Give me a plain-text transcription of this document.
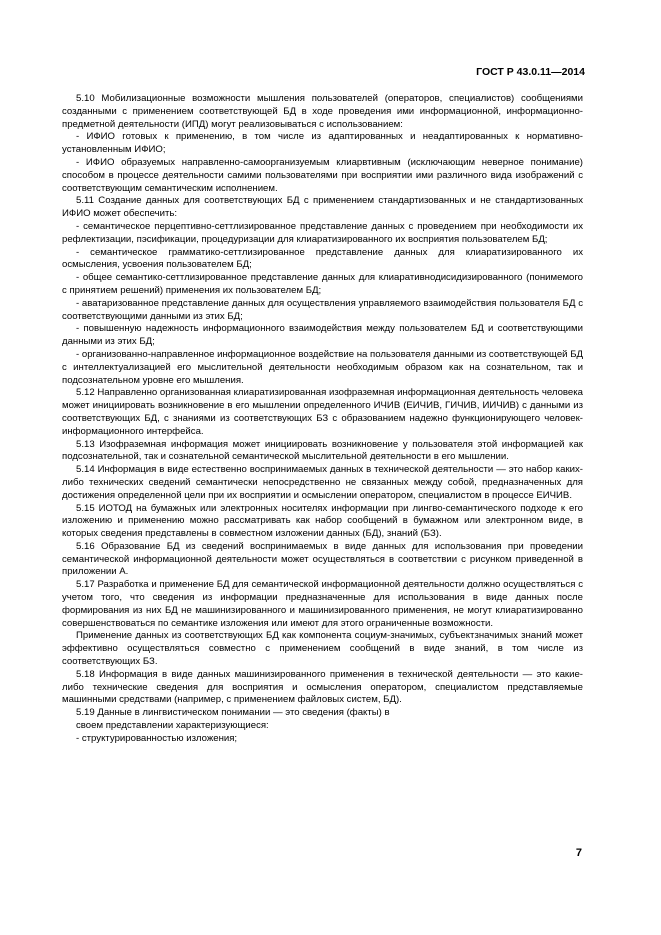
ГОСТ Р 43.0.11—2014

5.10 Мобилизационные возможности мышления пользователей (операторов, специалистов) сообщениями созданными с применением соответствующей БД в ходе проведения ими информационной, информационно-предметной деятельности (ИПД) могут реализовываться с использованием:

- ИФИО готовых к применению, в том числе из адаптированных и неадаптированных к нормативно-установленным ИФИО;

- ИФИО образуемых направленно-самоорганизуемым клиарвтивным (исключающим неверное понимание) способом в процессе деятельности самими пользователями при восприятии ими различного вида изображений с соответствующим семантическим исполнением.

5.11 Создание данных для соответствующих БД с применением стандартизованных и не стандартизованных ИФИО может обеспечить:

- семантическое перцептивно-сеттлизированное представление данных с проведением при необходимости их рефлектизации, пэсификации, процедуризации для клиаратизированного их восприятия пользователем БД;

- семантическое грамматико-сеттлизированное представление данных для клиаратизированного их осмысления, усвоения пользователем БД;

- общее семантико-сеттлизированное представление данных для клиаративнодисидизированного (понимемого с принятием решений) применения их пользователем БД;

- аватаризованное представление данных для осуществления управляемого взаимодействия пользователя БД с соответствующими данными из этих БД;

- повышенную надежность информационного взаимодействия между пользователем БД и соответствующими данными из этих БД;

- организованно-направленное информационное воздействие на пользователя данными из соответствующей БД с интеллектуализацией его мыслительной деятельности необходимым образом как на сознательном, так и подсознательном уровне его мышления.

5.12 Направленно организованная клиаратизированная изофраземная информационная деятельность человека может инициировать возникновение в его мышлении определенного ИЧИВ (ЕИЧИВ, ГИЧИВ, ИИЧИВ) с данными из соответствующих БД, с знаниями из соответствующих БЗ с образованием надежно функционирующего человек-информационного интерфейса.

5.13 Изофраземная информация может инициировать возникновение у пользователя этой информацией как подсознательной, так и сознательной семантической мыслительной деятельности в его мышлении.

5.14 Информация в виде естественно воспринимаемых данных в технической деятельности — это набор каких-либо технических сведений семантически непосредственно не связанных между собой, предназначенных для достижения определенной цели при их восприятии и осмыслении оператором, специалистом в процессе ЕИЧИВ.

5.15 ИОТОД на бумажных или электронных носителях информации при лингво-семантического подходе к его изложению и применению можно рассматривать как набор сообщений в бумажном или электронном виде, в которых сведения представлены в совместном изложении данных (БД), знаний (БЗ).

5.16 Образование БД из сведений воспринимаемых в виде данных для использования при проведении семантической информационной деятельности может осуществляться в соответствии с рисунком приведенной в приложении А.

5.17 Разработка и применение БД для семантической информационной деятельности должно осуществляться с учетом того, что сведения из информации предназначенные для использования в виде данных после формирования из них БД не машинизированного и машинизированного применения, не могут клиаратизированно совершенствоваться по семантике изложения или имеют для этого ограниченные возможности.

Применение данных из соответствующих БД как компонента социум-значимых, субъектзначимых знаний может эффективно осуществляться совместно с применением сообщений в виде знаний, в том числе из соответствующих БЗ.

5.18 Информация в виде данных машинизированного применения в технической деятельности — это какие-либо технические сведения для восприятия и осмысления оператором, специалистом представляемые машинными средствами (например, с применением файловых систем, БД).

5.19 Данные в лингвистическом понимании — это сведения (факты) в

своем представлении характеризующиеся:

- структурированностью изложения;

7
